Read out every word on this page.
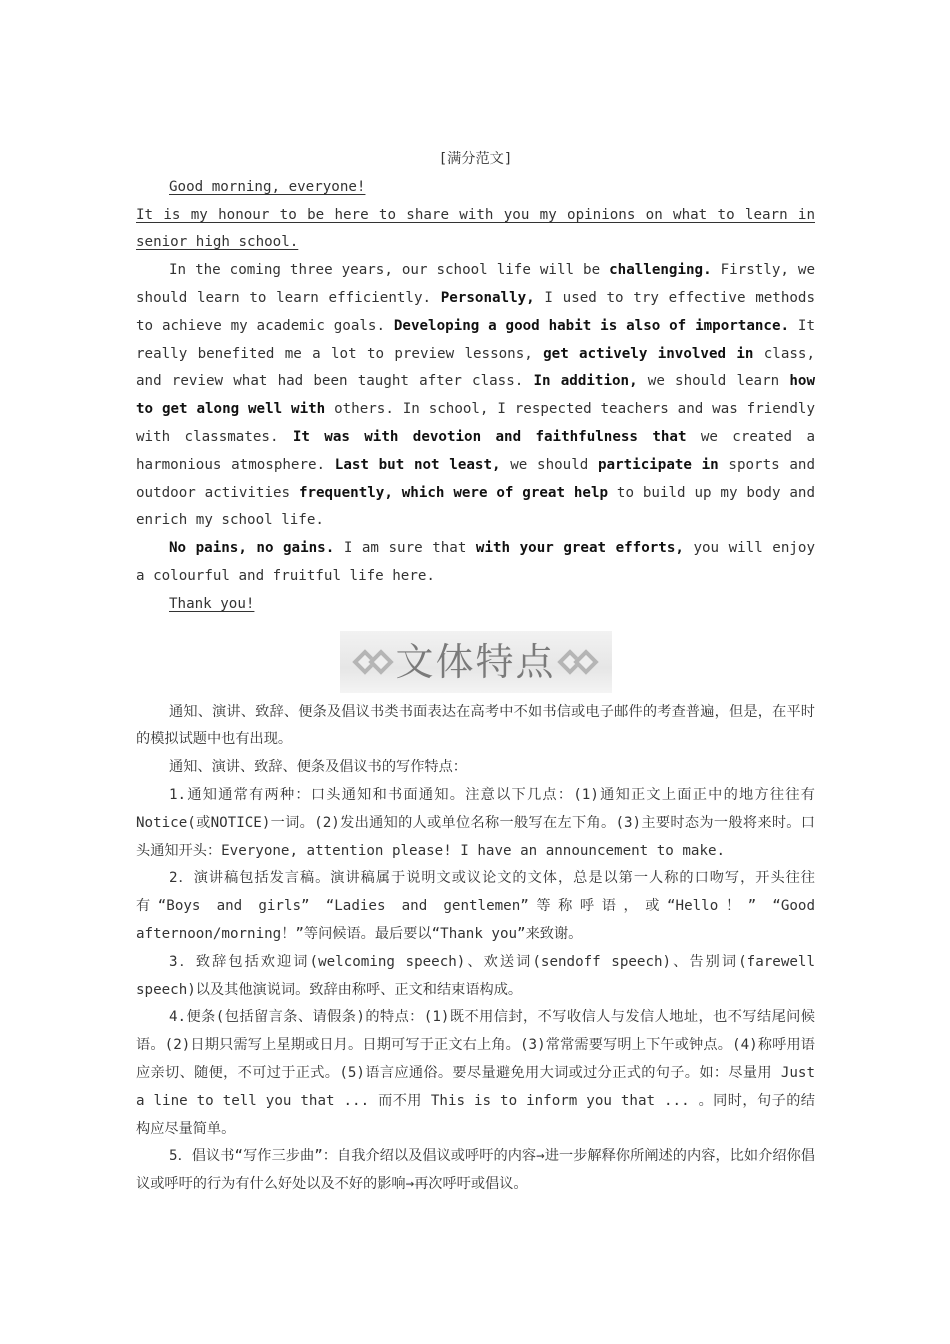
[满分范文]

Good morning, everyone!

It is my honour to be here to share with you my opinions on what to learn in senior high school.

In the coming three years, our school life will be challenging. Firstly, we should learn to learn efficiently. Personally, I used to try effective methods to achieve my academic goals. Developing a good habit is also of importance. It really benefited me a lot to preview lessons, get actively involved in class, and review what had been taught after class. In addition, we should learn how to get along well with others. In school, I respected teachers and was friendly with classmates. It was with devotion and faithfulness that we created a harmonious atmosphere. Last but not least, we should participate in sports and outdoor activities frequently, which were of great help to build up my body and enrich my school life.

No pains, no gains. I am sure that with your great efforts, you will enjoy a colourful and fruitful life here.

Thank you!

文体特点

通知、演讲、致辞、便条及倡议书类书面表达在高考中不如书信或电子邮件的考查普遍，但是，在平时的模拟试题中也有出现。

通知、演讲、致辞、便条及倡议书的写作特点：

1.通知通常有两种：口头通知和书面通知。注意以下几点：(1)通知正文上面正中的地方往往有Notice(或NOTICE)一词。(2)发出通知的人或单位名称一般写在左下角。(3)主要时态为一般将来时。口头通知开头：Everyone, attention please! I have an announcement to make.

2．演讲稿包括发言稿。演讲稿属于说明文或议论文的文体，总是以第一人称的口吻写，开头往往有“Boys and girls” “Ladies and gentlemen”等称呼语，或“Hello！” “Good afternoon/morning！”等问候语。最后要以“Thank you”来致谢。

3．致辞包括欢迎词(welcoming speech)、欢送词(sendoff speech)、告别词(farewell speech)以及其他演说词。致辞由称呼、正文和结束语构成。

4.便条(包括留言条、请假条)的特点：(1)既不用信封，不写收信人与发信人地址，也不写结尾问候语。(2)日期只需写上星期或日月。日期可写于正文右上角。(3)常常需要写明上下午或钟点。(4)称呼用语应亲切、随便，不可过于正式。(5)语言应通俗。要尽量避免用大词或过分正式的句子。如：尽量用 Just a line to tell you that ... 而不用 This is to inform you that ... 。同时，句子的结构应尽量简单。

5．倡议书“写作三步曲”：自我介绍以及倡议或呼吁的内容→进一步解释你所阐述的内容，比如介绍你倡议或呼吁的行为有什么好处以及不好的影响→再次呼吁或倡议。
